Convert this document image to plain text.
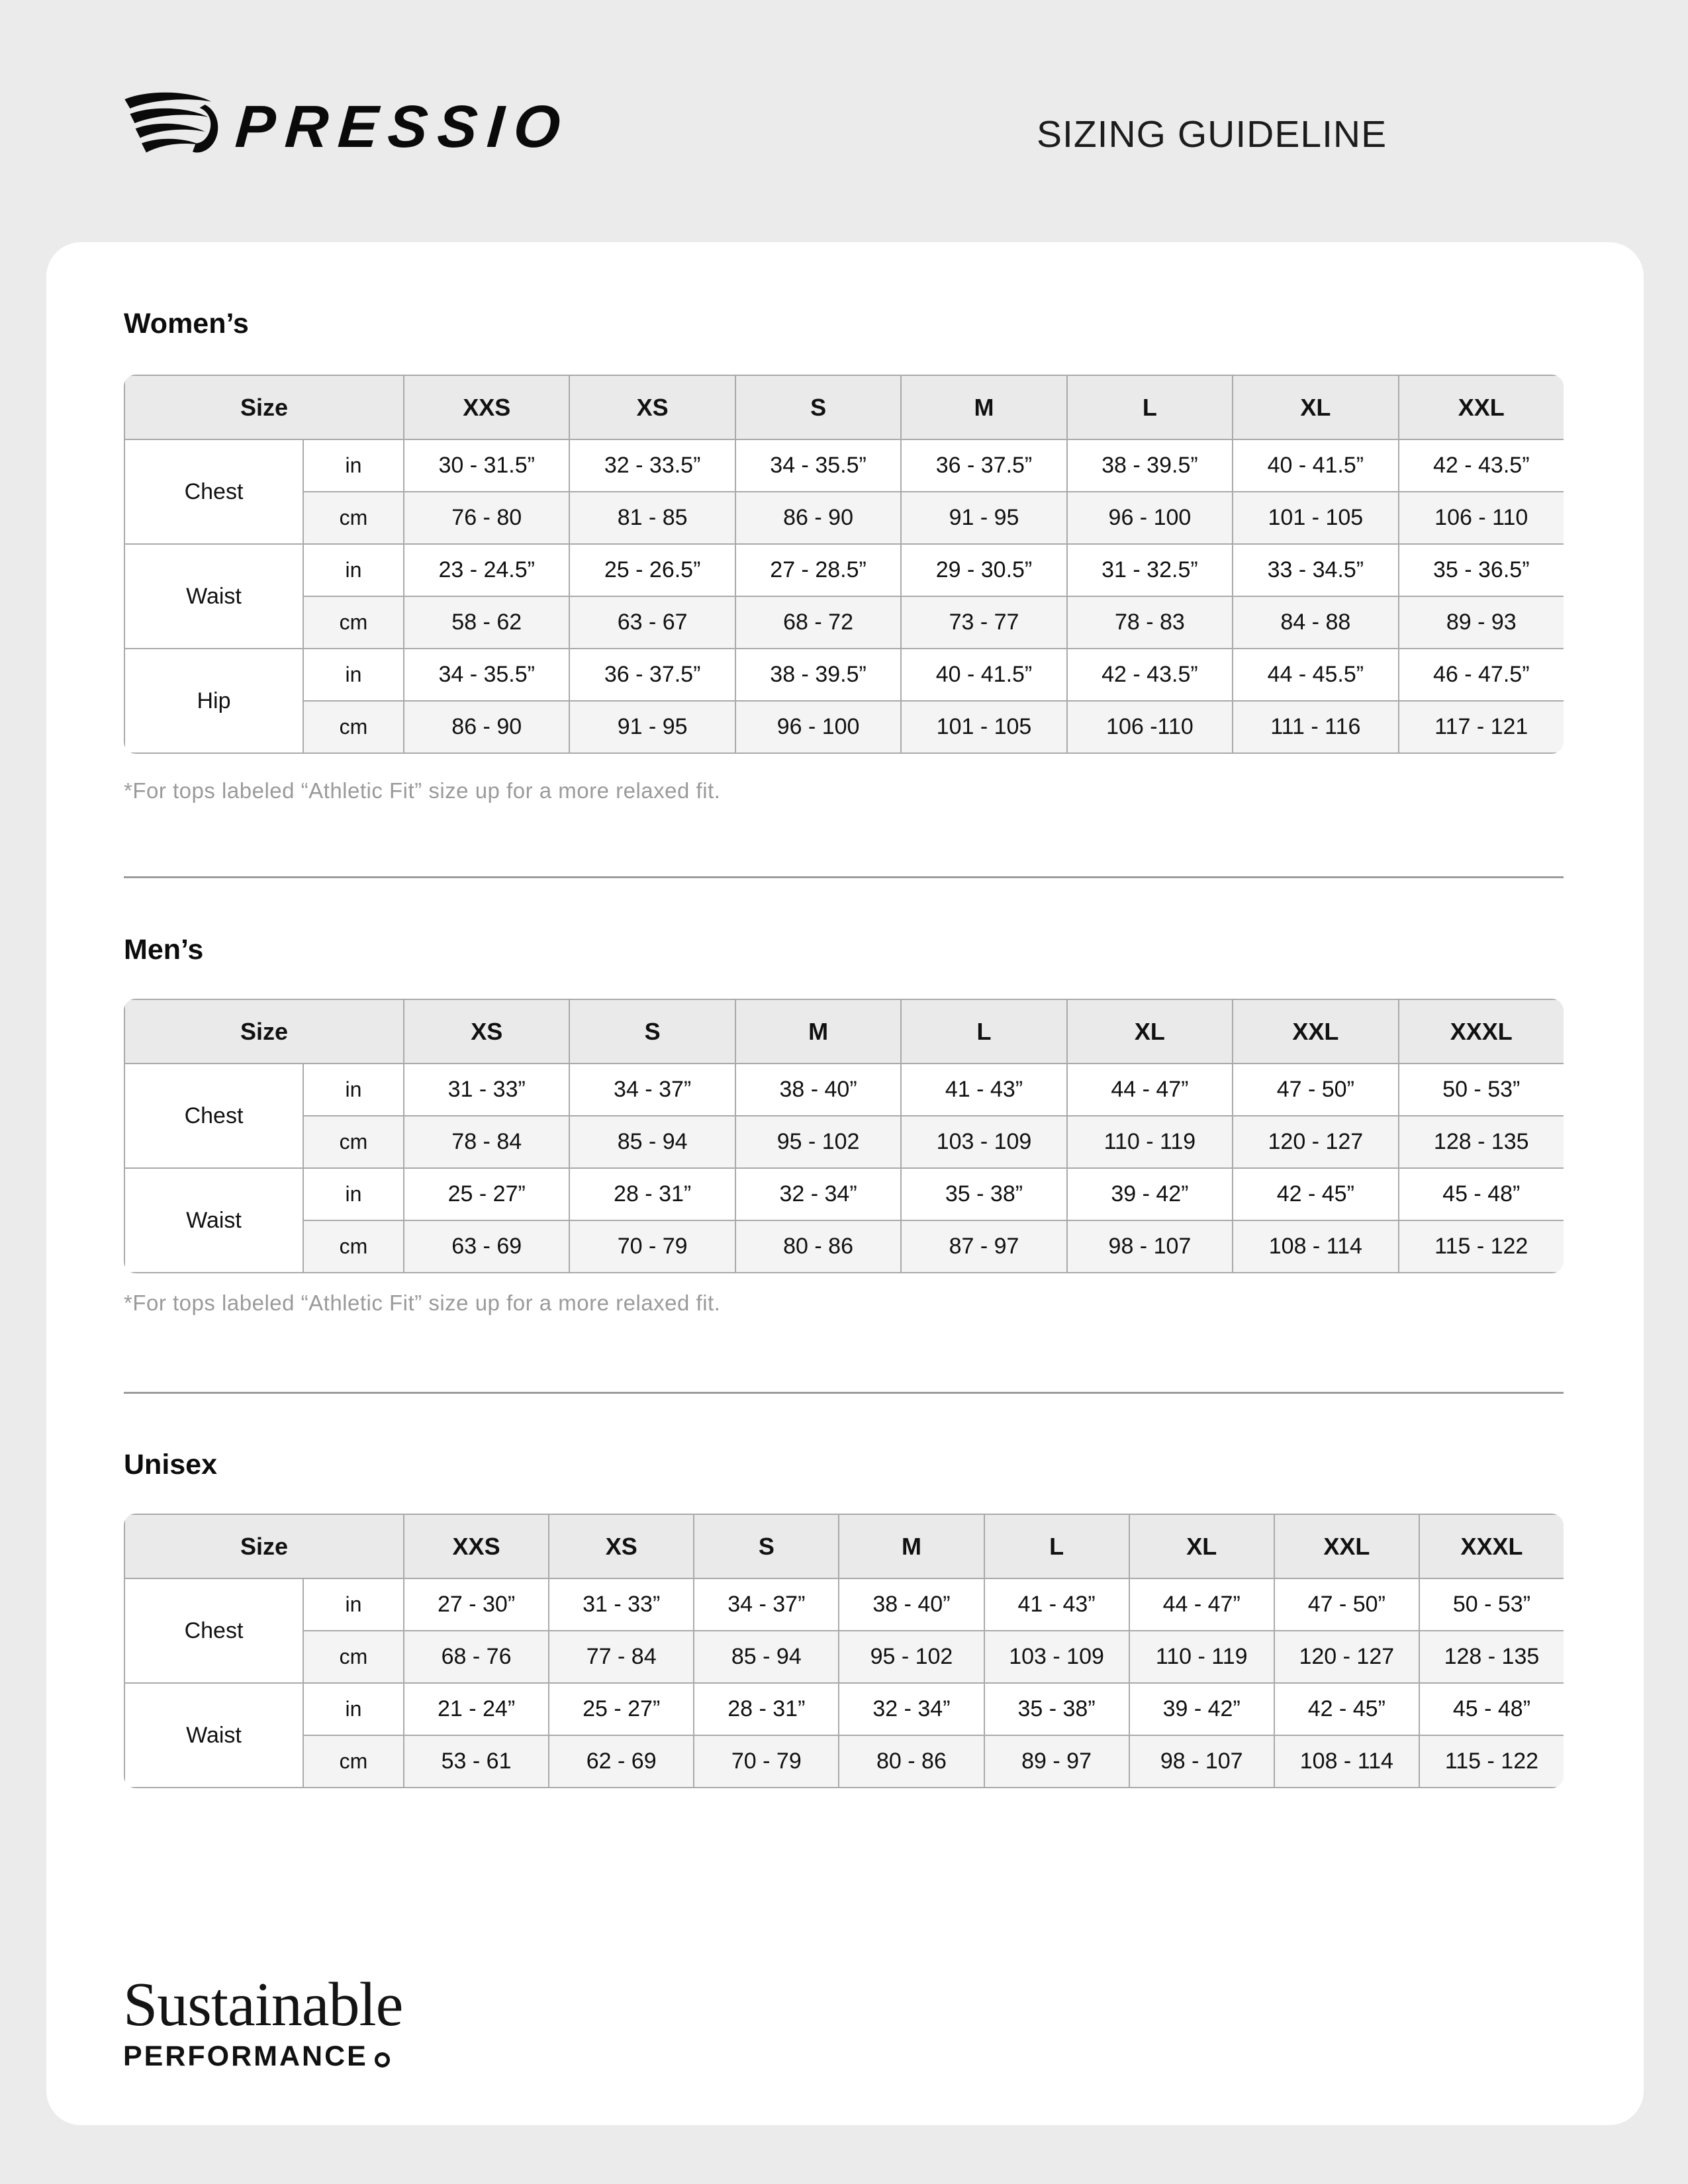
PRESSIO	SIZING GUIDELINE
Women’s
Size		XXS	XS	S	M	L	XL	XXL
Chest	in	30 - 31.5”	32 - 33.5”	34 - 35.5”	36 - 37.5”	38 - 39.5”	40 - 41.5”	42 - 43.5”
	cm	76 - 80	81 - 85	86 - 90	91 - 95	96 - 100	101 - 105	106 - 110
Waist	in	23 - 24.5”	25 - 26.5”	27 - 28.5”	29 - 30.5”	31 - 32.5”	33 - 34.5”	35 - 36.5”
	cm	58 - 62	63 - 67	68 - 72	73 - 77	78 - 83	84 - 88	89 - 93
Hip	in	34 - 35.5”	36 - 37.5”	38 - 39.5”	40 - 41.5”	42 - 43.5”	44 - 45.5”	46 - 47.5”
	cm	86 - 90	91 - 95	96 - 100	101 - 105	106 -110	111 - 116	117 - 121
*For tops labeled “Athletic Fit” size up for a more relaxed fit.
Men’s
Size		XS	S	M	L	XL	XXL	XXXL
Chest	in	31 - 33”	34 - 37”	38 - 40”	41 - 43”	44 - 47”	47 - 50”	50 - 53”
	cm	78 - 84	85 - 94	95 - 102	103 - 109	110 - 119	120 - 127	128 - 135
Waist	in	25 - 27”	28 - 31”	32 - 34”	35 - 38”	39 - 42”	42 - 45”	45 - 48”
	cm	63 - 69	70 - 79	80 - 86	87 - 97	98 - 107	108 - 114	115 - 122
*For tops labeled “Athletic Fit” size up for a more relaxed fit.
Unisex
Size		XXS	XS	S	M	L	XL	XXL	XXXL
Chest	in	27 - 30”	31 - 33”	34 - 37”	38 - 40”	41 - 43”	44 - 47”	47 - 50”	50 - 53”
	cm	68 - 76	77 - 84	85 - 94	95 - 102	103 - 109	110 - 119	120 - 127	128 - 135
Waist	in	21 - 24”	25 - 27”	28 - 31”	32 - 34”	35 - 38”	39 - 42”	42 - 45”	45 - 48”
	cm	53 - 61	62 - 69	70 - 79	80 - 86	89 - 97	98 - 107	108 - 114	115 - 122
Sustainable
PERFORMANCE
